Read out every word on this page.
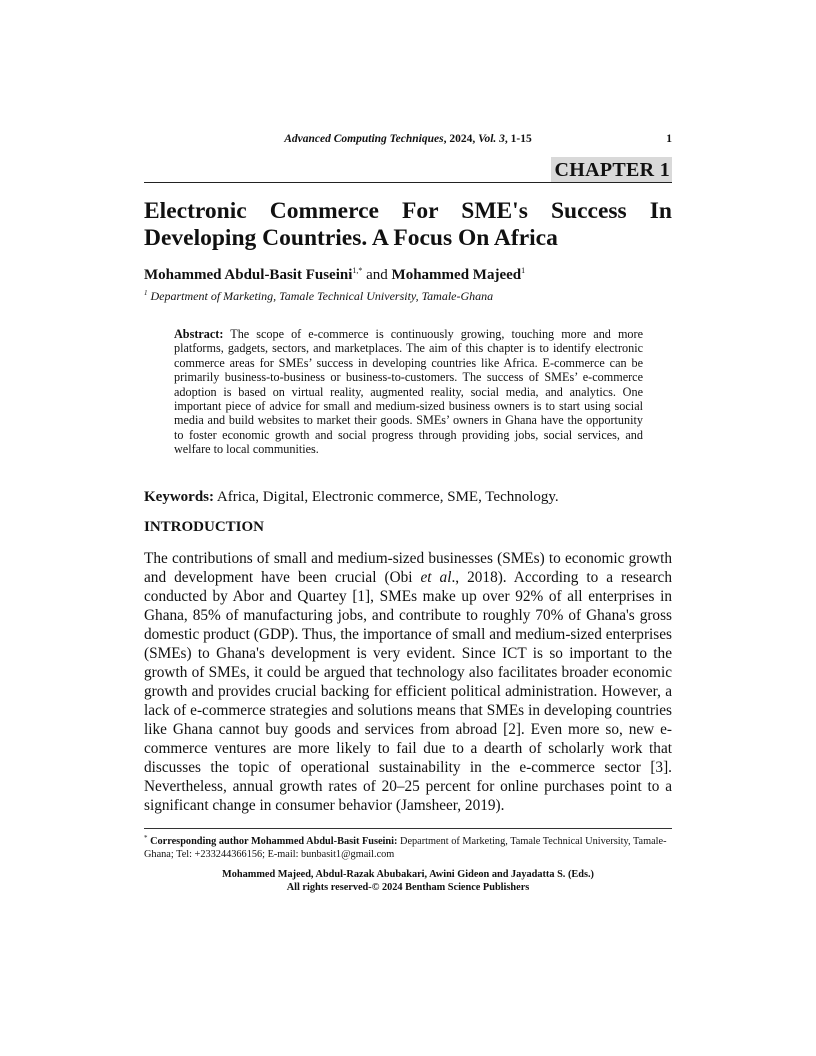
Advanced Computing Techniques, 2024, Vol. 3, 1-15	1
CHAPTER 1
Electronic Commerce For SME's Success In Developing Countries. A Focus On Africa
Mohammed Abdul-Basit Fuseini$^{1,*}$ and Mohammed Majeed$^1$
$^1$ Department of Marketing, Tamale Technical University, Tamale-Ghana

Abstract: The scope of e-commerce is continuously growing, touching more and more platforms, gadgets, sectors, and marketplaces. The aim of this chapter is to identify electronic commerce areas for SMEs’ success in developing countries like Africa. E-commerce can be primarily business-to-business or business-to-customers. The success of SMEs’ e-commerce adoption is based on virtual reality, augmented reality, social media, and analytics. One important piece of advice for small and medium-sized business owners is to start using social media and build websites to market their goods. SMEs’ owners in Ghana have the opportunity to foster economic growth and social progress through providing jobs, social services, and welfare to local communities.

Keywords: Africa, Digital, Electronic commerce, SME, Technology.
INTRODUCTION

The contributions of small and medium-sized businesses (SMEs) to economic growth and development have been crucial (Obi et al., 2018). According to a research conducted by Abor and Quartey [1], SMEs make up over 92% of all enterprises in Ghana, 85% of manufacturing jobs, and contribute to roughly 70% of Ghana's gross domestic product (GDP). Thus, the importance of small and medium-sized enterprises (SMEs) to Ghana's development is very evident. Since ICT is so important to the growth of SMEs, it could be argued that technology also facilitates broader economic growth and provides crucial backing for efficient political administration. However, a lack of e-commerce strategies and solutions means that SMEs in developing countries like Ghana cannot buy goods and services from abroad [2]. Even more so, new e-commerce ventures are more likely to fail due to a dearth of scholarly work that discusses the topic of operational sustainability in the e-commerce sector [3]. Nevertheless, annual growth rates of 20–25 percent for online purchases point to a significant change in consumer behavior (Jamsheer, 2019).

* Corresponding author Mohammed Abdul-Basit Fuseini: Department of Marketing, Tamale Technical University, Tamale-Ghana; Tel: +233244366156; E-mail: bunbasit1@gmail.com

Mohammed Majeed, Abdul-Razak Abubakari, Awini Gideon and Jayadatta S. (Eds.)
All rights reserved-© 2024 Bentham Science Publishers
